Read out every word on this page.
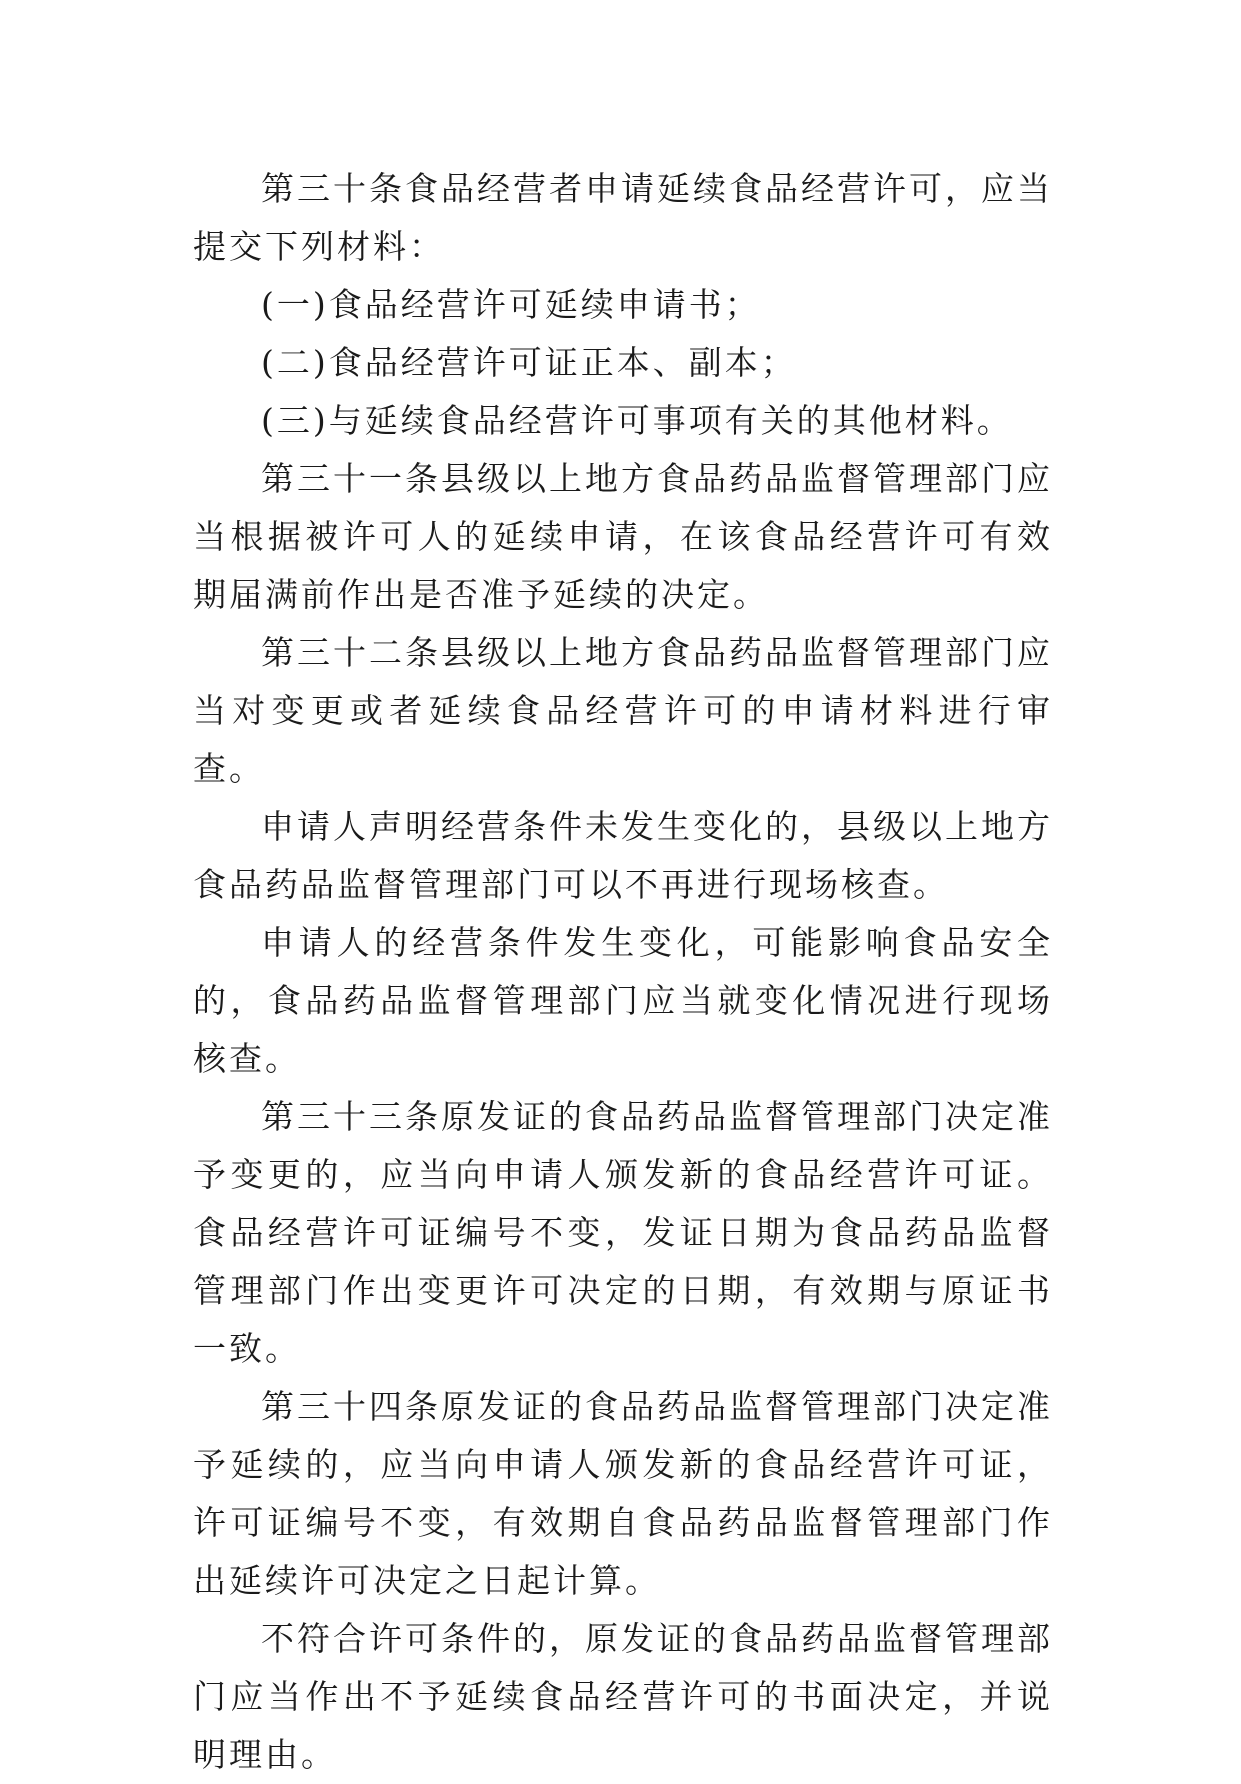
第三十条食品经营者申请延续食品经营许可，应当提交下列材料：

(一)食品经营许可延续申请书；

(二)食品经营许可证正本、副本；

(三)与延续食品经营许可事项有关的其他材料。

第三十一条县级以上地方食品药品监督管理部门应当根据被许可人的延续申请，在该食品经营许可有效期届满前作出是否准予延续的决定。

第三十二条县级以上地方食品药品监督管理部门应当对变更或者延续食品经营许可的申请材料进行审查。

申请人声明经营条件未发生变化的，县级以上地方食品药品监督管理部门可以不再进行现场核查。

申请人的经营条件发生变化，可能影响食品安全的，食品药品监督管理部门应当就变化情况进行现场核查。

第三十三条原发证的食品药品监督管理部门决定准予变更的，应当向申请人颁发新的食品经营许可证。食品经营许可证编号不变，发证日期为食品药品监督管理部门作出变更许可决定的日期，有效期与原证书一致。

第三十四条原发证的食品药品监督管理部门决定准予延续的，应当向申请人颁发新的食品经营许可证，许可证编号不变，有效期自食品药品监督管理部门作出延续许可决定之日起计算。

不符合许可条件的，原发证的食品药品监督管理部门应当作出不予延续食品经营许可的书面决定，并说明理由。
